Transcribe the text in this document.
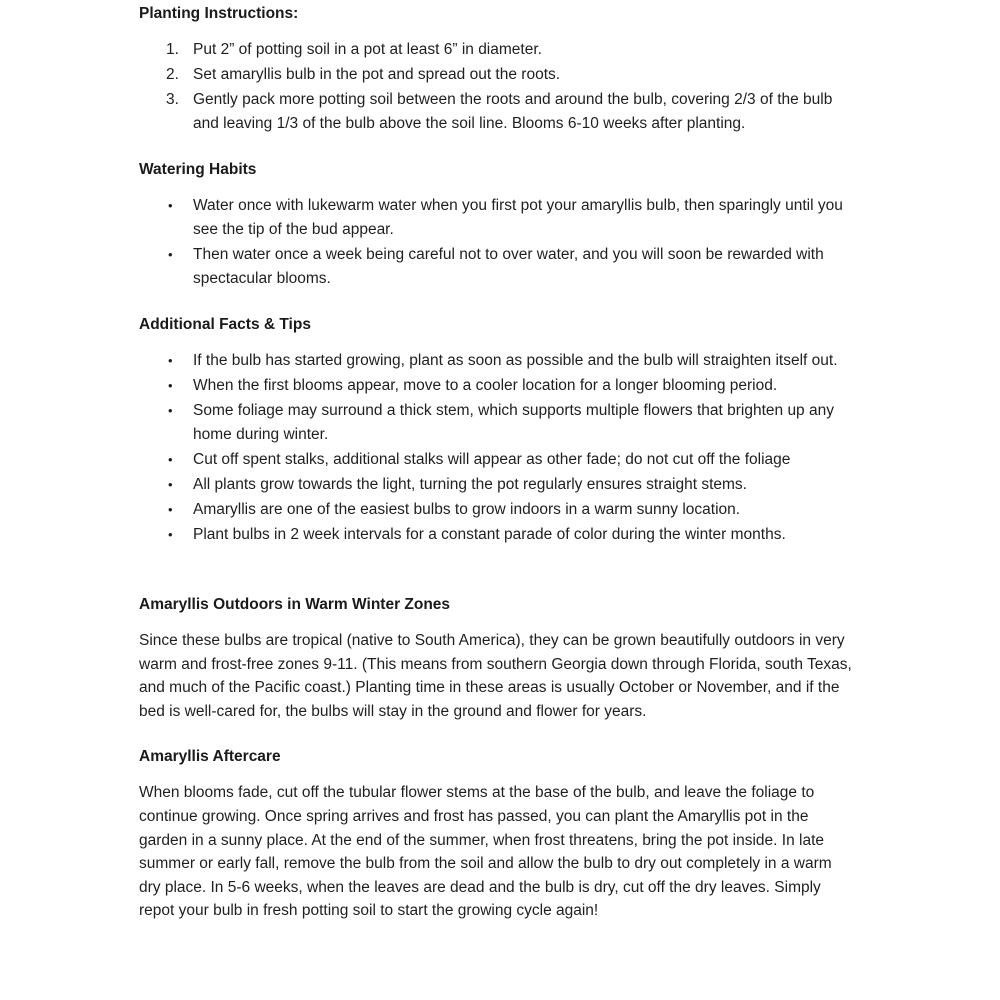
Planting Instructions:
1. Put 2” of potting soil in a pot at least 6” in diameter.
2. Set amaryllis bulb in the pot and spread out the roots.
3. Gently pack more potting soil between the roots and around the bulb, covering 2/3 of the bulb and leaving 1/3 of the bulb above the soil line. Blooms 6-10 weeks after planting.
Watering Habits
•	Water once with lukewarm water when you first pot your amaryllis bulb, then sparingly until you see the tip of the bud appear.
•	Then water once a week being careful not to over water, and you will soon be rewarded with spectacular blooms.
Additional Facts & Tips
•	If the bulb has started growing, plant as soon as possible and the bulb will straighten itself out.
•	When the first blooms appear, move to a cooler location for a longer blooming period.
•	Some foliage may surround a thick stem, which supports multiple flowers that brighten up any home during winter.
•	Cut off spent stalks, additional stalks will appear as other fade; do not cut off the foliage
•	All plants grow towards the light, turning the pot regularly ensures straight stems.
•	Amaryllis are one of the easiest bulbs to grow indoors in a warm sunny location.
•	Plant bulbs in 2 week intervals for a constant parade of color during the winter months.
Amaryllis Outdoors in Warm Winter Zones

Since these bulbs are tropical (native to South America), they can be grown beautifully outdoors in very warm and frost-free zones 9-11. (This means from southern Georgia down through Florida, south Texas, and much of the Pacific coast.) Planting time in these areas is usually October or November, and if the bed is well-cared for, the bulbs will stay in the ground and flower for years.

Amaryllis Aftercare

When blooms fade, cut off the tubular flower stems at the base of the bulb, and leave the foliage to continue growing. Once spring arrives and frost has passed, you can plant the Amaryllis pot in the garden in a sunny place. At the end of the summer, when frost threatens, bring the pot inside. In late summer or early fall, remove the bulb from the soil and allow the bulb to dry out completely in a warm dry place. In 5-6 weeks, when the leaves are dead and the bulb is dry, cut off the dry leaves. Simply repot your bulb in fresh potting soil to start the growing cycle again!
